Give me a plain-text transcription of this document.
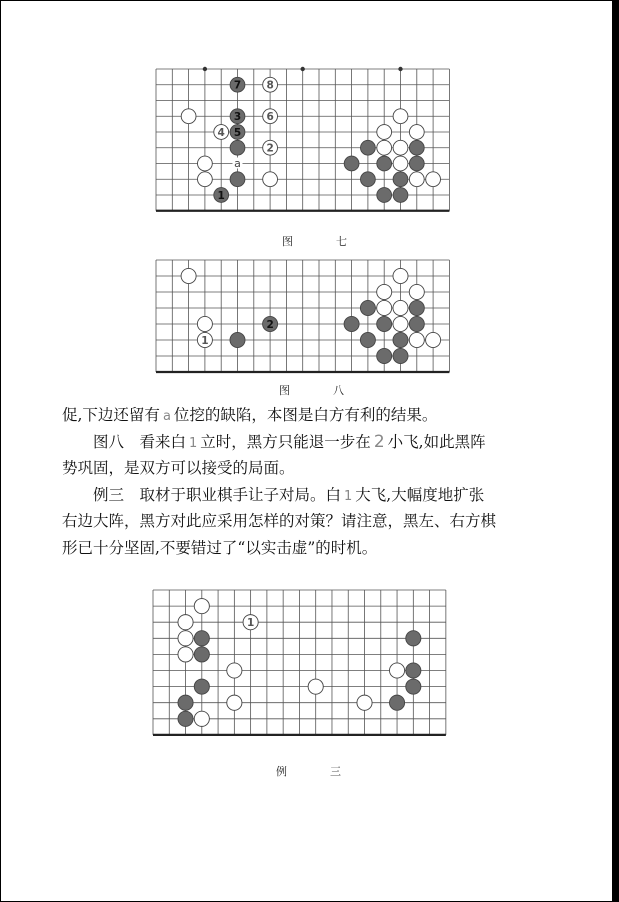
7 8
3 6
4 5
2
1
a
图　七
1
2
图　八
促,下边还留有 a 位挖的缺陷，本图是白方有利的结果。
图八　看来白 1 立时，黑方只能退一步在 2 小飞,如此黑阵
势巩固，是双方可以接受的局面。
例三　取材于职业棋手让子对局。白 1 大飞,大幅度地扩张
右边大阵，黑方对此应采用怎样的对策？请注意，黑左、右方棋
形已十分坚固,不要错过了“以实击虚”的时机。
1
例　三
